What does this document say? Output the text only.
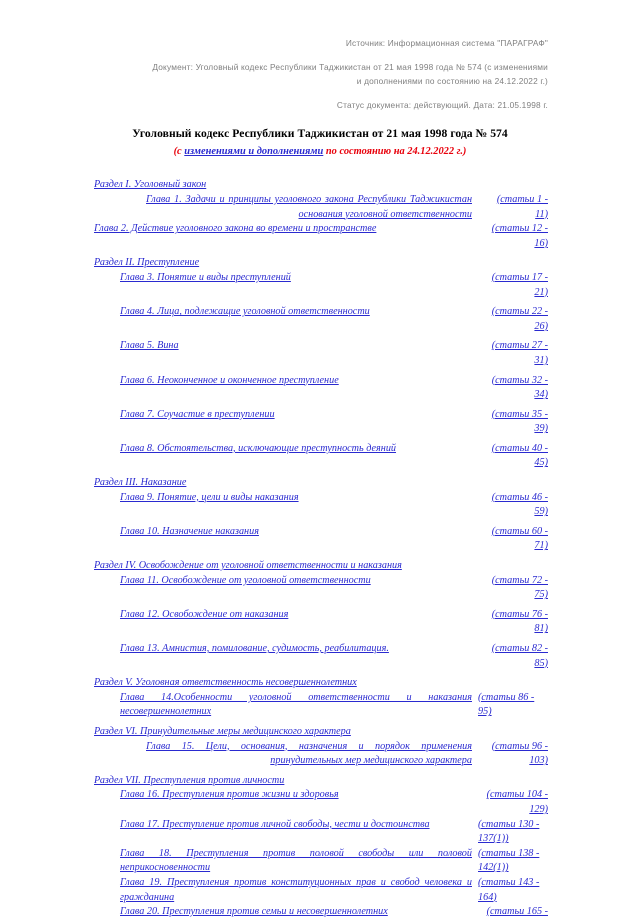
Источник: Информационная система "ПАРАГРАФ"
Документ: Уголовный кодекс Республики Таджикистан от 21 мая 1998 года № 574 (с изменениями
и дополнениями по состоянию на 24.12.2022 г.)
Статус документа: действующий. Дата: 21.05.1998 г.
Уголовный кодекс Республики Таджикистан от 21 мая 1998 года № 574
(с изменениями и дополнениями по состоянию на 24.12.2022 г.)
Раздел I. Уголовный закон
Глава 1. Задачи и принципы уголовного закона Республики Таджикистан основания уголовной ответственности
(статьи 1 -
11)
Глава 2. Действие уголовного закона во времени и пространстве	(статьи 12 -
16)
Раздел II. Преступление
Глава 3. Понятие и виды преступлений	(статьи 17 -
21)
Глава 4. Лица, подлежащие уголовной ответственности	(статьи 22 -
26)
Глава 5. Вина	(статьи 27 -
31)
Глава 6. Неоконченное и оконченное преступление	(статьи 32 -
34)
Глава 7. Соучастие в преступлении	(статьи 35 -
39)
Глава 8. Обстоятельства, исключающие преступность деяний	(статьи 40 -
45)
Раздел III. Наказание
Глава 9. Понятие, цели и виды наказания	(статьи 46 -
59)
Глава 10. Назначение наказания	(статьи 60 -
71)
Раздел IV. Освобождение от уголовной ответственности и наказания
Глава 11. Освобождение от уголовной ответственности	(статьи 72 -
75)
Глава 12. Освобождение от наказания	(статьи 76 -
81)
Глава 13. Амнистия, помилование, судимость, реабилитация.	(статьи 82 -
85)
Раздел V. Уголовная ответственность несовершеннолетних
Глава 14.Особенности уголовной ответственности и наказания несовершеннолетних
(статьи 86 -
95)
Раздел VI. Принудительные меры медицинского характера
Глава 15. Цели, основания, назначения и порядок применения принудительных мер медицинского характера
(статьи 96 -
103)
Раздел VII. Преступления против личности
Глава 16. Преступления против жизни и здоровья	(статьи 104 -
129)
Глава 17. Преступление против личной свободы, чести и достоинства	(статьи 130 -
137(1))
Глава 18. Преступления против половой свободы или половой неприкосновенности
(статьи 138 -
142(1))
Глава 19. Преступления против конституционных прав и свобод человека и гражданина
(статьи 143 -
164)
Глава 20. Преступления против семьи и несовершеннолетних	(статьи 165 -
